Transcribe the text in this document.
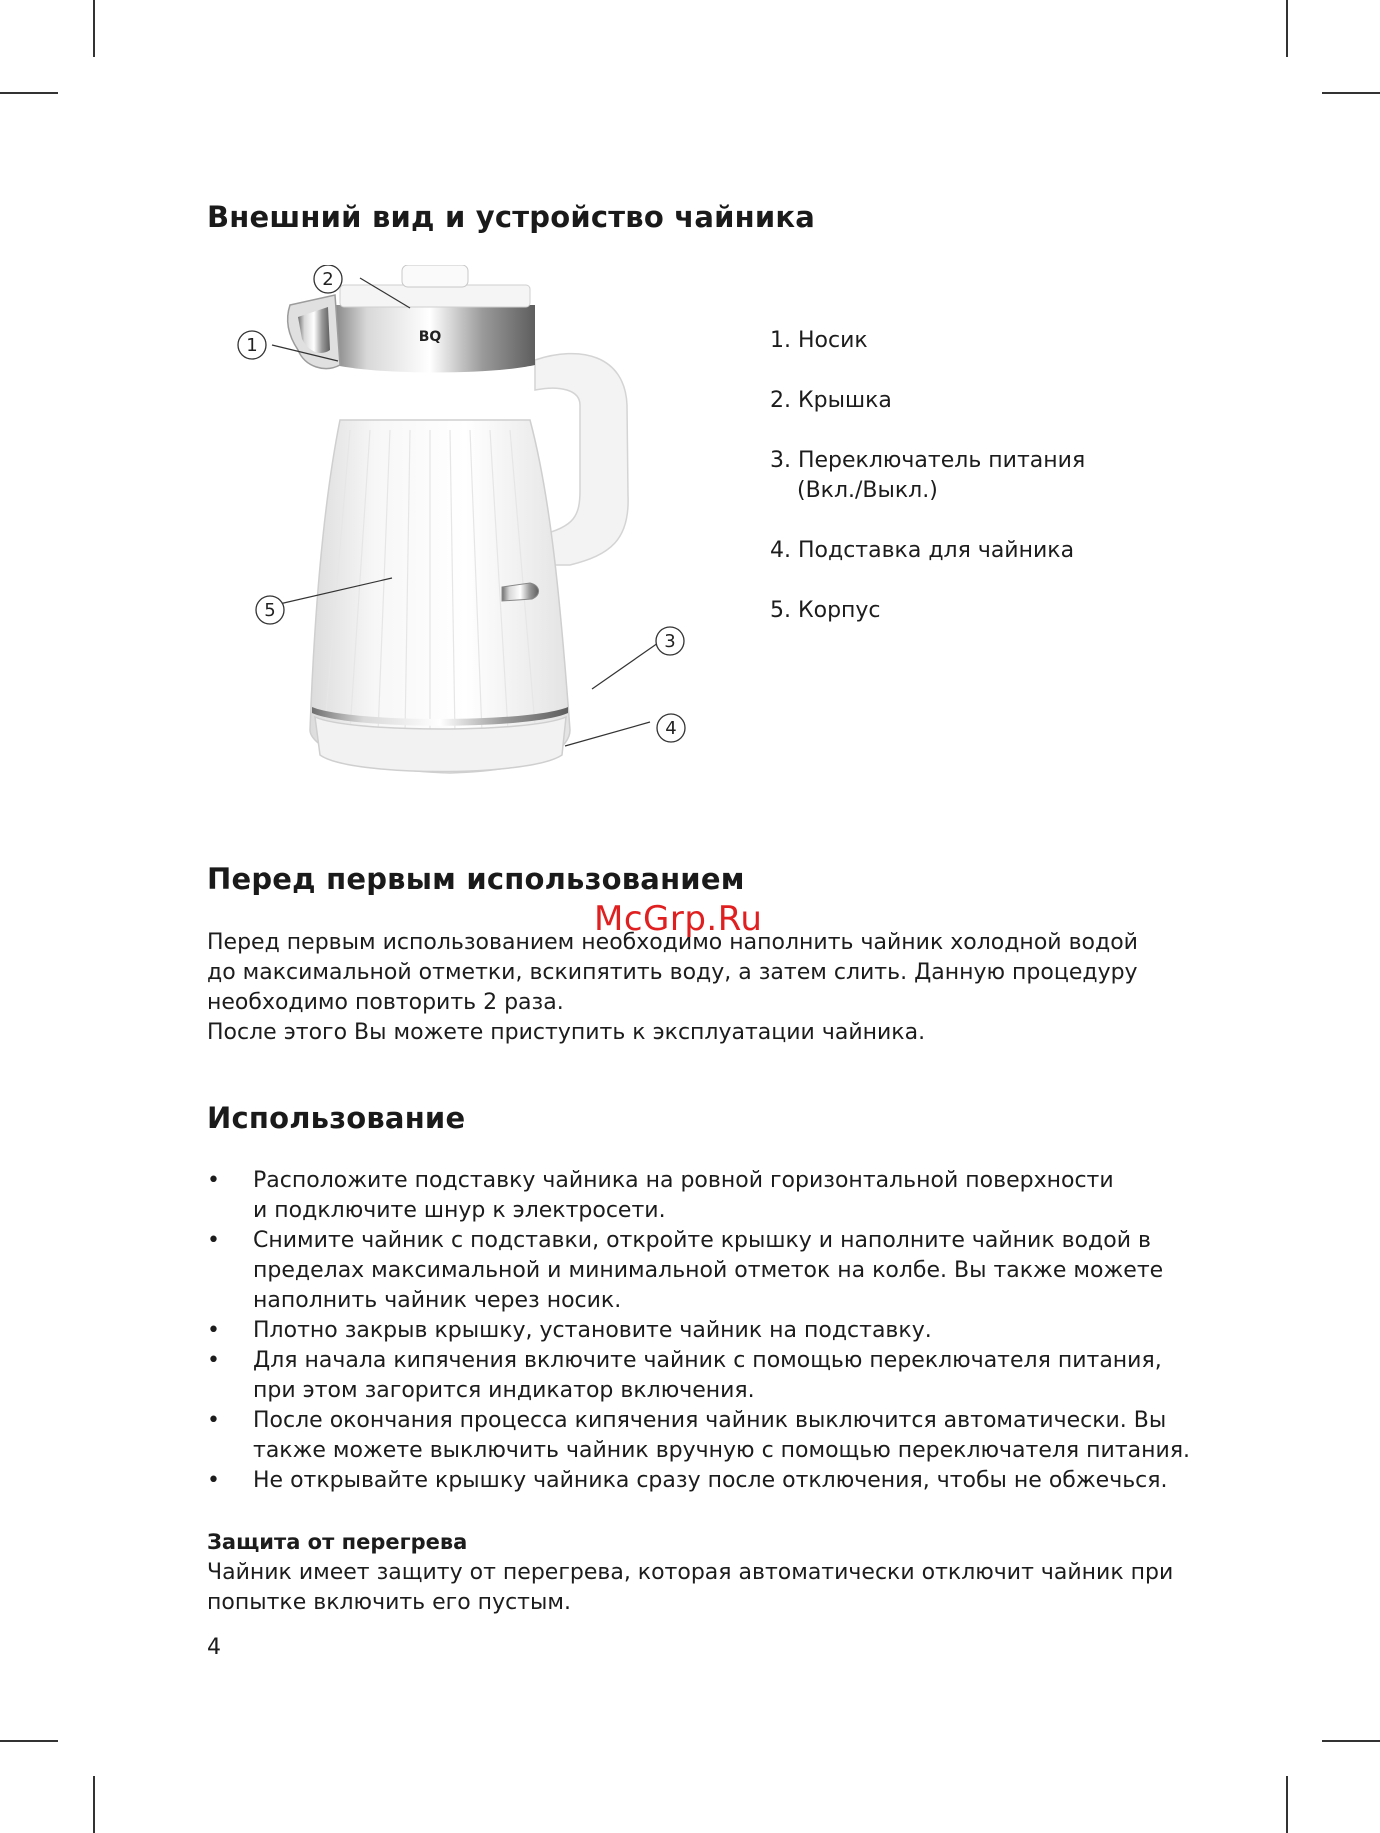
Внешний вид и устройство чайника
BQ
2
1
5
3
4
1. Носик
2. Крышка
3. Переключатель питания (Вкл./Выкл.)
4. Подставка для чайника
5. Корпус
Перед первым использованием

Перед первым использованием необходимо наполнить чайник холодной водой

до максимальной отметки, вскипятить воду, а затем слить. Данную процедуру

необходимо повторить 2 раза.

После этого Вы можете приступить к эксплуатации чайника.

McGrp.Ru
Использование
• Расположите подставку чайника на ровной горизонтальной поверхности
и подключите шнур к электросети.
• Снимите чайник с подставки, откройте крышку и наполните чайник водой в
пределах максимальной и минимальной отметок на колбе. Вы также можете
наполнить чайник через носик.
• Плотно закрыв крышку, установите чайник на подставку.
• Для начала кипячения включите чайник с помощью переключателя питания,
при этом загорится индикатор включения.
• После окончания процесса кипячения чайник выключится автоматически. Вы
также можете выключить чайник вручную с помощью переключателя питания.
• Не открывайте крышку чайника сразу после отключения, чтобы не обжечься.
Защита от перегрева

Чайник имеет защиту от перегрева, которая автоматически отключит чайник при

попытке включить его пустым.

4
